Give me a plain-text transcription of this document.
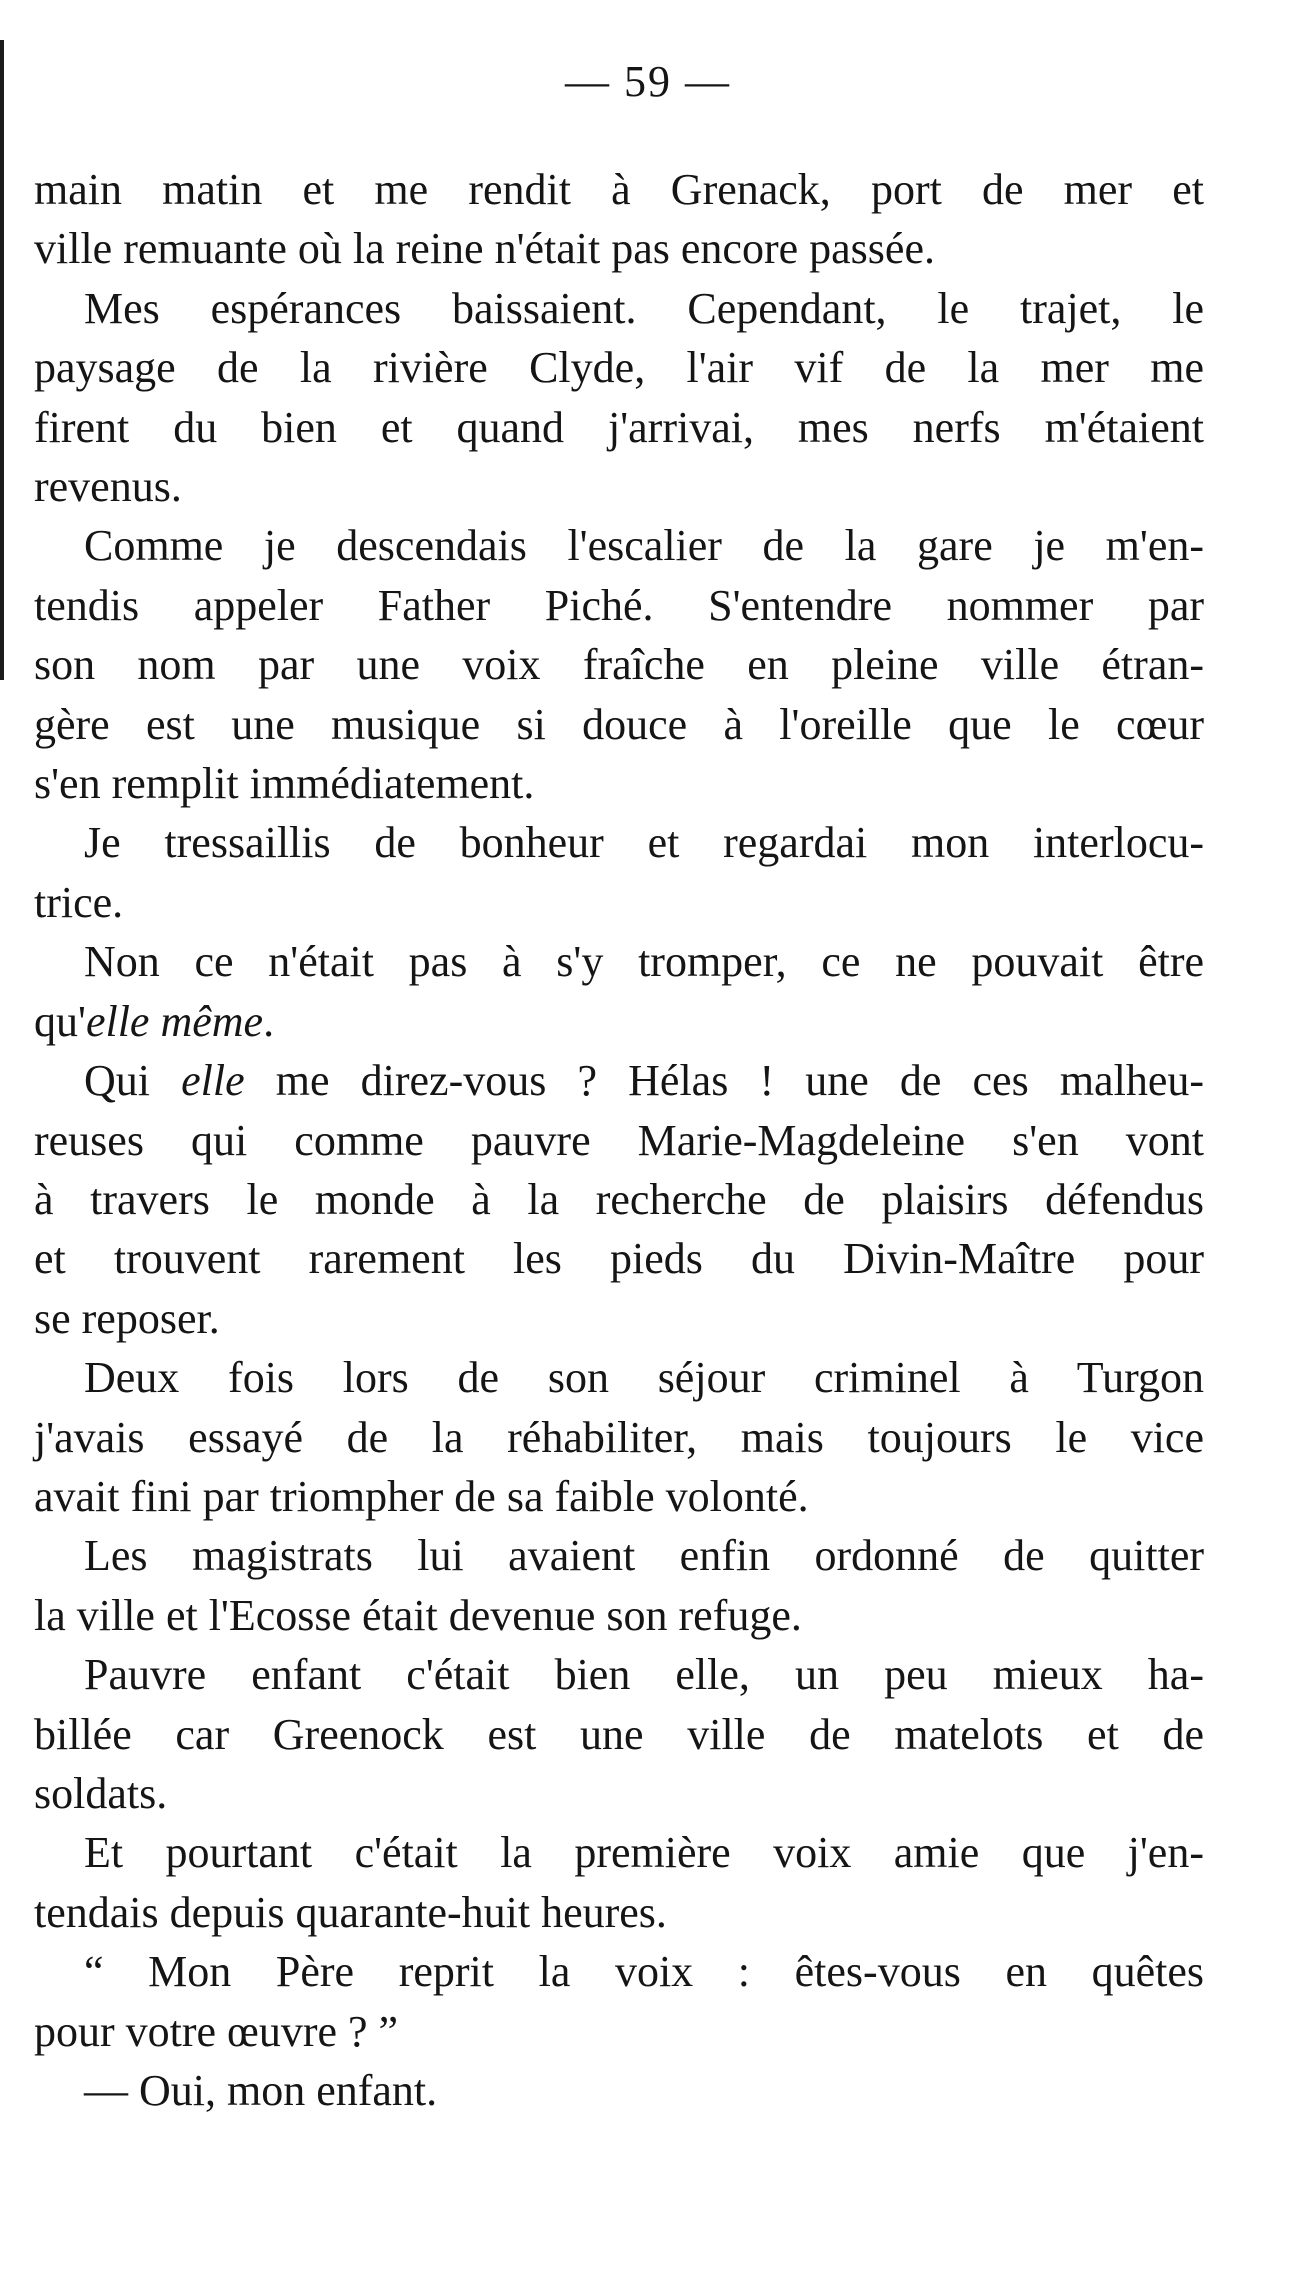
— 59 —
main matin et me rendit à Grenack, port de mer et
ville remuante où la reine n'était pas encore passée.
Mes espérances baissaient. Cependant, le trajet, le
paysage de la rivière Clyde, l'air vif de la mer me
firent du bien et quand j'arrivai, mes nerfs m'étaient
revenus.
Comme je descendais l'escalier de la gare je m'en-
tendis appeler Father Piché. S'entendre nommer par
son nom par une voix fraîche en pleine ville étran-
gère est une musique si douce à l'oreille que le cœur
s'en remplit immédiatement.
Je tressaillis de bonheur et regardai mon interlocu-
trice.
Non ce n'était pas à s'y tromper, ce ne pouvait être
qu'elle même.
Qui elle me direz-vous ? Hélas ! une de ces malheu-
reuses qui comme pauvre Marie-Magdeleine s'en vont
à travers le monde à la recherche de plaisirs défendus
et trouvent rarement les pieds du Divin-Maître pour
se reposer.
Deux fois lors de son séjour criminel à Turgon
j'avais essayé de la réhabiliter, mais toujours le vice
avait fini par triompher de sa faible volonté.
Les magistrats lui avaient enfin ordonné de quitter
la ville et l'Ecosse était devenue son refuge.
Pauvre enfant c'était bien elle, un peu mieux ha-
billée car Greenock est une ville de matelots et de
soldats.
Et pourtant c'était la première voix amie que j'en-
tendais depuis quarante-huit heures.
“ Mon Père reprit la voix : êtes-vous en quêtes
pour votre œuvre ? ”
— Oui, mon enfant.
